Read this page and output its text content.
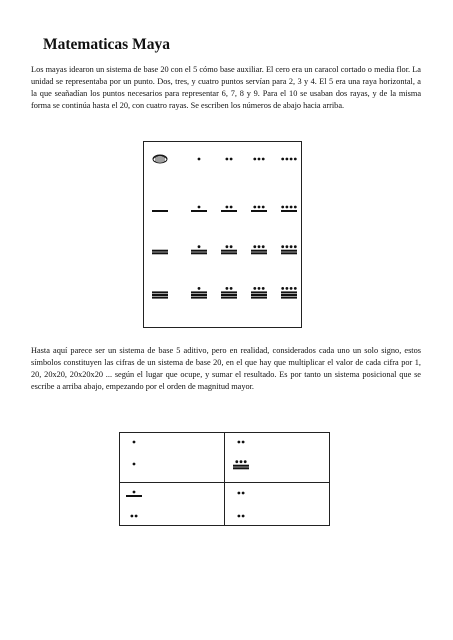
Matematicas Maya

Los mayas idearon un sistema de base 20 con el 5 cómo base auxiliar. El cero era un caracol cortado o media flor. La unidad se representaba por un punto. Dos, tres, y cuatro puntos servían para 2, 3 y 4. El 5 era una raya horizontal, a la que seañadían los puntos necesarios para representar 6, 7, 8 y 9. Para el 10 se usaban dos rayas, y de la misma forma se continúa hasta el 20, con cuatro rayas. Se escriben los números de abajo hacia arriba.

Hasta aquí parece ser un sistema de base 5 aditivo, pero en realidad, considerados cada uno un solo signo, estos símbolos constituyen las cifras de un sistema de base 20, en el que hay que multiplicar el valor de cada cifra por 1, 20, 20x20, 20x20x20 ... según el lugar que ocupe, y sumar el resultado. Es por tanto un sistema posicional que se escribe a arriba abajo, empezando por el orden de magnitud mayor.
